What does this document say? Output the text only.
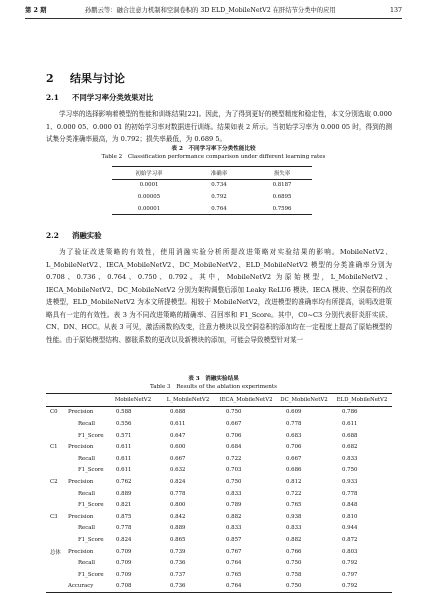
第 2 期	孙鹏云等：融合注意力机制和空洞卷积的 3D ELD_MobileNetV2 在肝结节分类中的应用	137
2 结果与讨论
2.1 不同学习率分类效果对比

学习率的选择影响着模型的性能和训练结果[22]。因此，为了得到更好的模型精度和稳定性，本文分别选取 0.000 1、0.000 05、0.000 01 的初始学习率对数据进行训练。结果如表 2 所示。当初始学习率为 0.000 05 时，得到的测试集分类准确率最高，为 0.792；损失率最低，为 0.689 5。

表 2　不同学习率下分类性能比较
Table 2　Classification performance comparison under different learning rates
初始学习率	准确率	损失率
0.0001	0.734	0.8187
0.00005	0.792	0.6895
0.00001	0.764	0.7596
2.2 消融实验

为了验证改进策略的有效性，使用消融实验分析所提改进策略对实验结果的影响。MobileNetV2、L_MobileNetV2、IECA_MobileNetV2、DC_MobileNetV2、ELD_MobileNetV2 模型的分类准确率分别为 0.708、0.736、0.764、0.750、0.792。其中，MobileNetV2 为原始模型，L_MobileNetV2、IECA_MobileNetV2、DC_MobileNetV2 分别为架构调整后添加 Leaky ReLU6 模块、IECA 模块、空洞卷积的改进模型，ELD_MobileNetV2 为本文所提模型。相较于 MobileNetV2，改进模型的准确率均有所提高，说明改进策略具有一定的有效性。表 3 为不同改进策略的精确率、召回率和 F1_Score。其中，C0~C3 分别代表肝炎肝实质、CN、DN、HCC。从表 3 可见，激活函数的改变，注意力模块以及空洞卷积的添加均在一定程度上提高了原始模型的性能。由于原始模型结构、膨胀系数的更改以及新模块的添加，可能会导致模型针对某一

表 3　消融实验结果
Table 3　Results of the ablation experiments
		MobileNetV2	L_MobileNetV2	IECA_MobileNetV2	DC_MobileNetV2	ELD_MobileNetV2
C0	Precision	0.588	0.688	0.750	0.609	0.786
	Recall	0.556	0.611	0.667	0.778	0.611
	F1_Score	0.571	0.647	0.706	0.683	0.688
C1	Precision	0.611	0.600	0.684	0.706	0.682
	Recall	0.611	0.667	0.722	0.667	0.833
	F1_Score	0.611	0.632	0.703	0.686	0.750
C2	Precision	0.762	0.824	0.750	0.812	0.933
	Recall	0.889	0.778	0.833	0.722	0.778
	F1_Score	0.821	0.800	0.789	0.765	0.848
C3	Precision	0.875	0.842	0.882	0.938	0.810
	Recall	0.778	0.889	0.833	0.833	0.944
	F1_Score	0.824	0.865	0.857	0.882	0.872
总体	Precision	0.709	0.739	0.767	0.766	0.803
	Recall	0.709	0.736	0.764	0.750	0.792
	F1_Score	0.709	0.737	0.765	0.758	0.797
	Accuracy	0.708	0.736	0.764	0.750	0.792
